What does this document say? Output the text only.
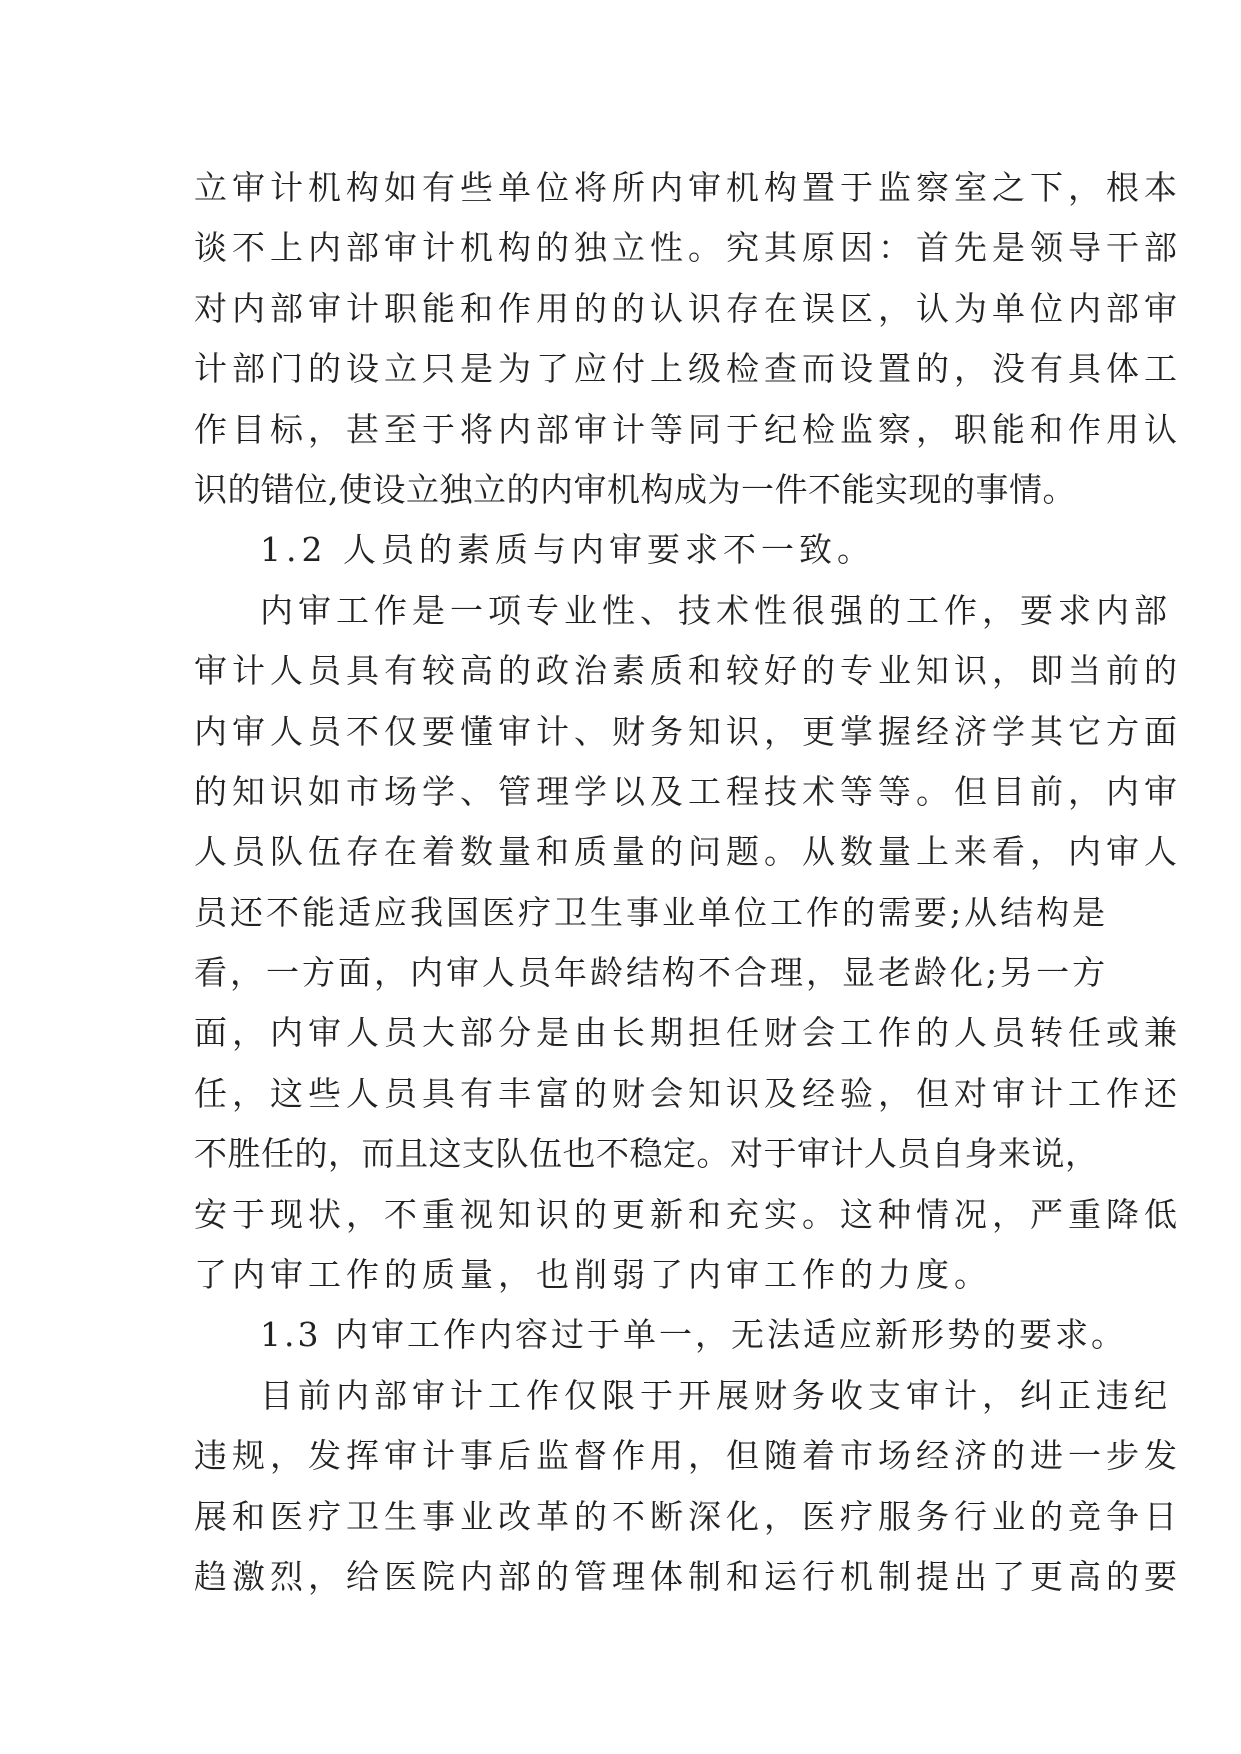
立审计机构如有些单位将所内审机构置于监察室之下，根本
谈不上内部审计机构的独立性。究其原因：首先是领导干部
对内部审计职能和作用的的认识存在误区，认为单位内部审
计部门的设立只是为了应付上级检查而设置的，没有具体工
作目标，甚至于将内部审计等同于纪检监察，职能和作用认
识的错位,使设立独立的内审机构成为一件不能实现的事情。
1.2 人员的素质与内审要求不一致。
内审工作是一项专业性、技术性很强的工作，要求内部
审计人员具有较高的政治素质和较好的专业知识，即当前的
内审人员不仅要懂审计、财务知识，更掌握经济学其它方面
的知识如市场学、管理学以及工程技术等等。但目前，内审
人员队伍存在着数量和质量的问题。从数量上来看，内审人
员还不能适应我国医疗卫生事业单位工作的需要;从结构是
看，一方面，内审人员年龄结构不合理，显老龄化;另一方
面，内审人员大部分是由长期担任财会工作的人员转任或兼
任，这些人员具有丰富的财会知识及经验，但对审计工作还
不胜任的，而且这支队伍也不稳定。对于审计人员自身来说，
安于现状，不重视知识的更新和充实。这种情况，严重降低
了内审工作的质量，也削弱了内审工作的力度。
1.3 内审工作内容过于单一，无法适应新形势的要求。
目前内部审计工作仅限于开展财务收支审计，纠正违纪
违规，发挥审计事后监督作用，但随着市场经济的进一步发
展和医疗卫生事业改革的不断深化，医疗服务行业的竞争日
趋激烈，给医院内部的管理体制和运行机制提出了更高的要
